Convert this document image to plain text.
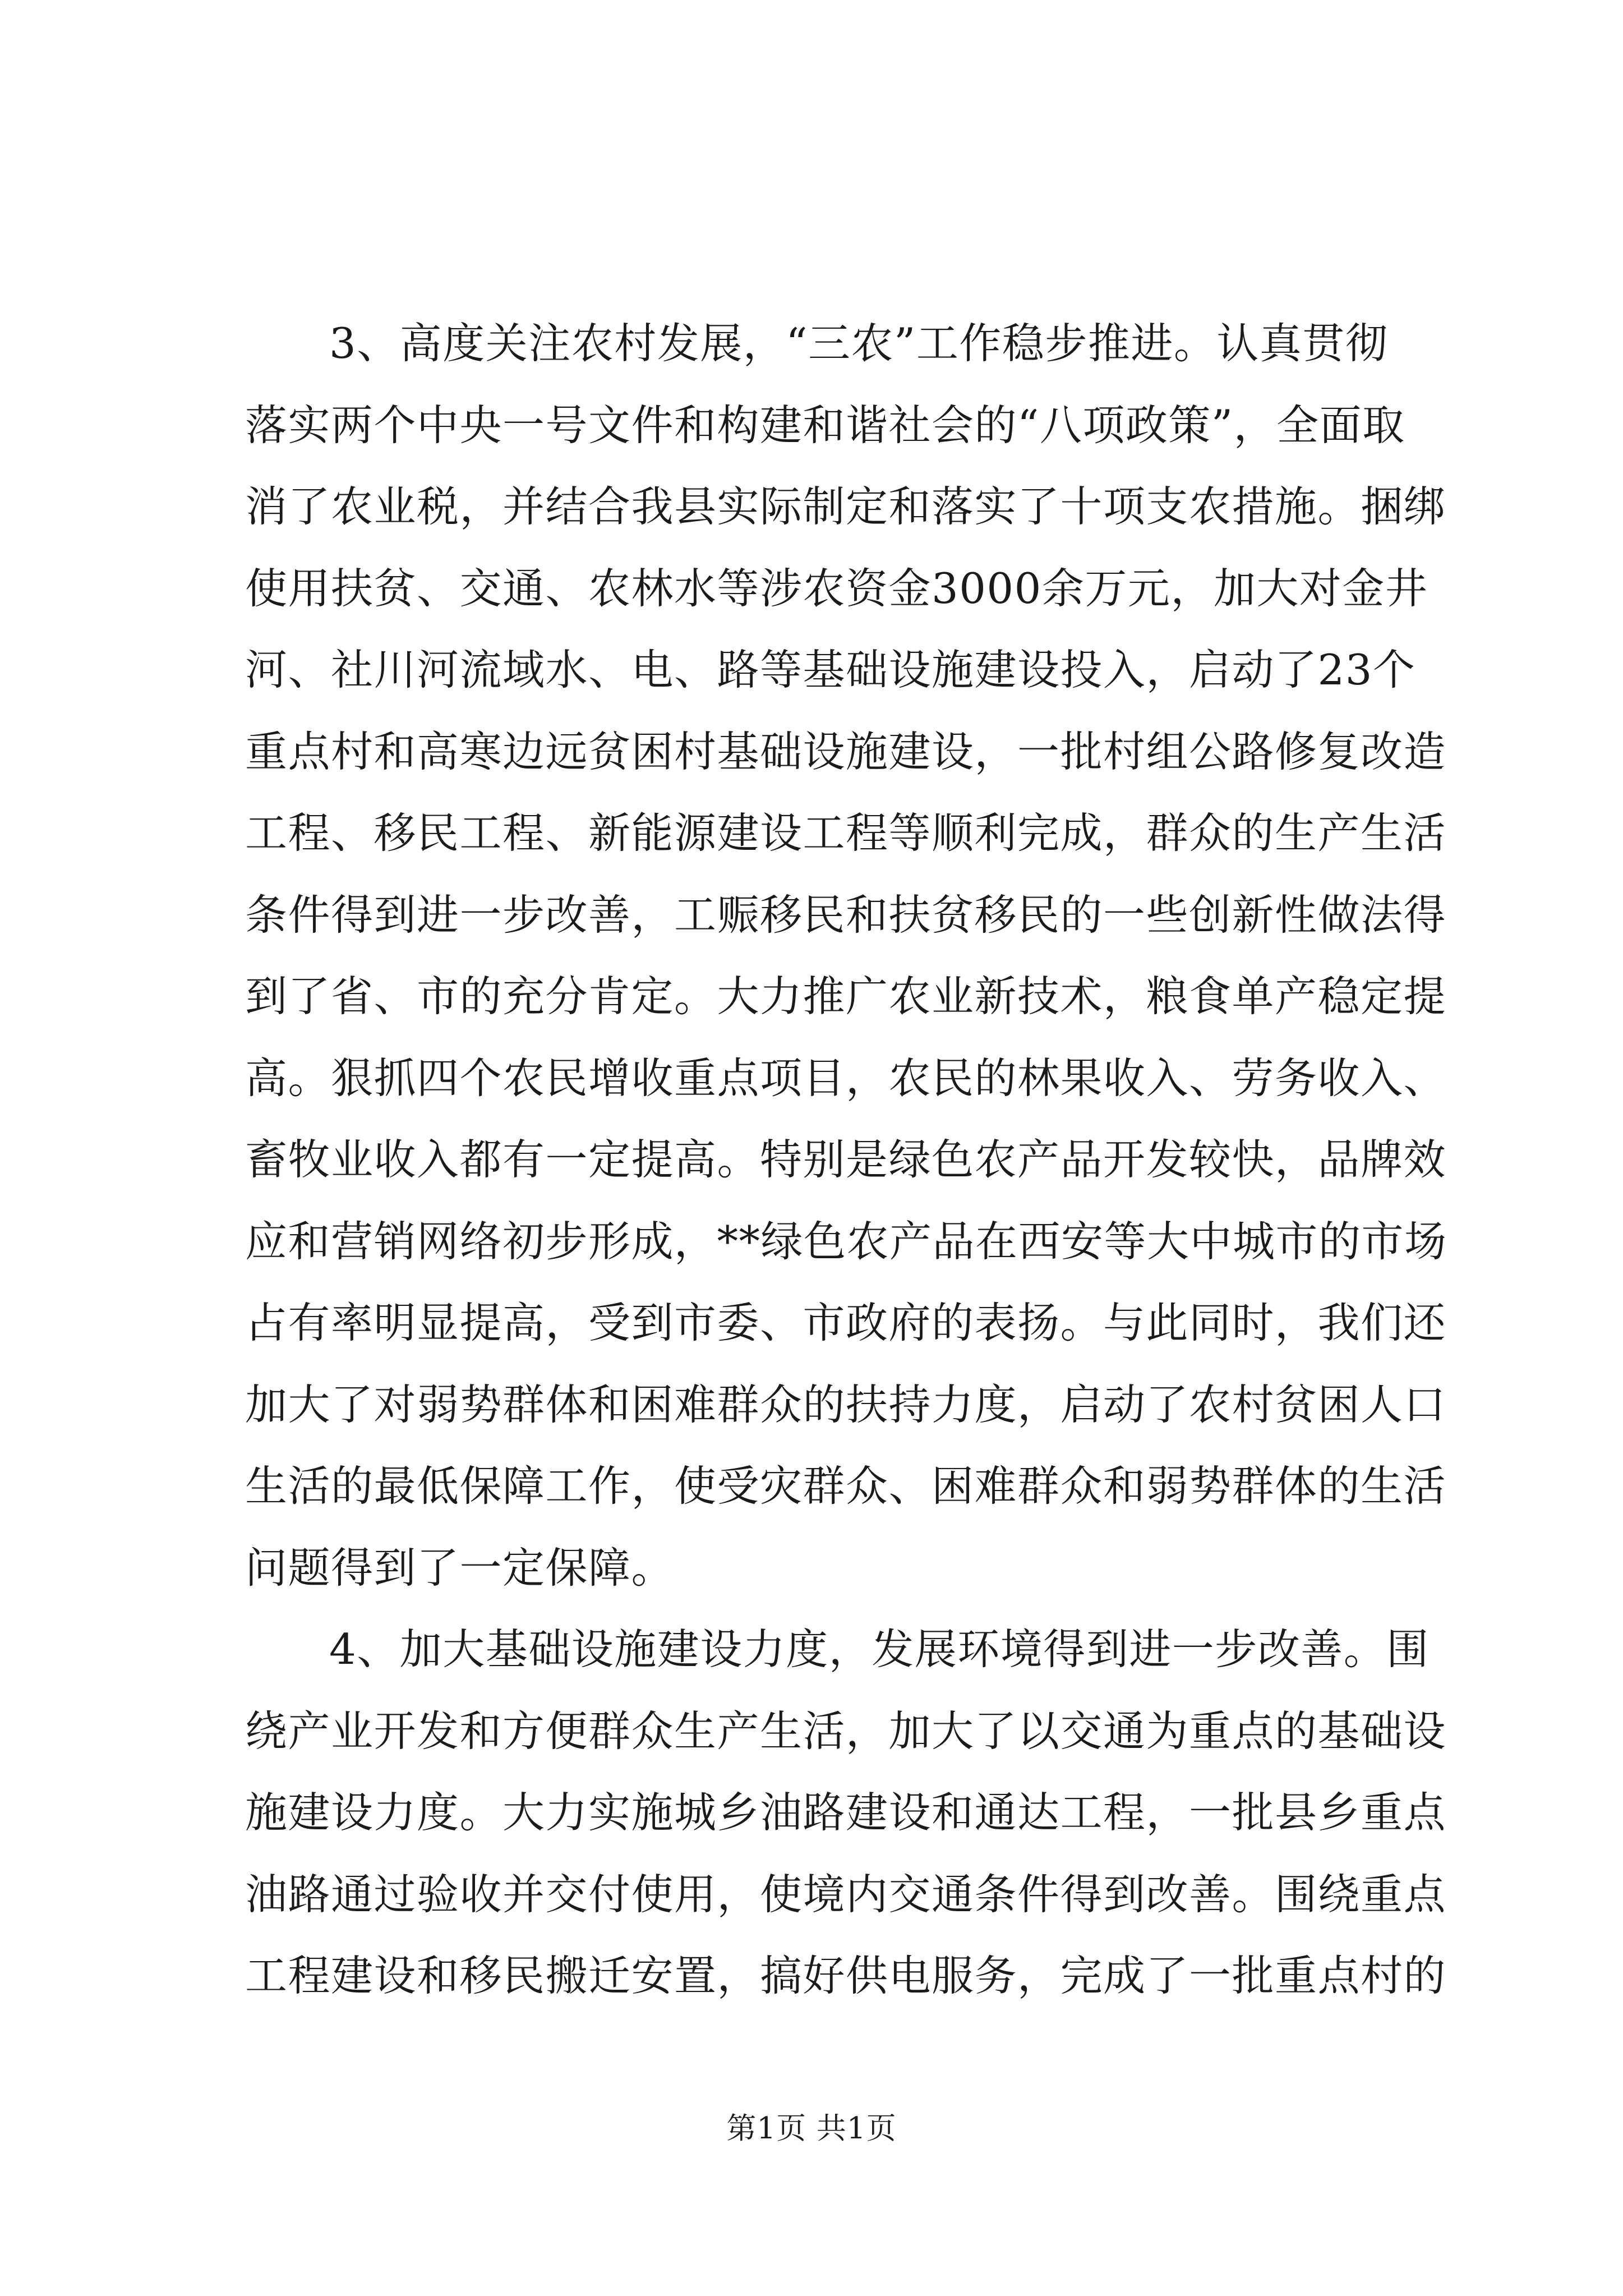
3、高度关注农村发展，“三农”工作稳步推进。认真贯彻
落实两个中央一号文件和构建和谐社会的“八项政策”，全面取
消了农业税，并结合我县实际制定和落实了十项支农措施。捆绑
使用扶贫、交通、农林水等涉农资金3000余万元，加大对金井
河、社川河流域水、电、路等基础设施建设投入，启动了23个
重点村和高寒边远贫困村基础设施建设，一批村组公路修复改造
工程、移民工程、新能源建设工程等顺利完成，群众的生产生活
条件得到进一步改善，工赈移民和扶贫移民的一些创新性做法得
到了省、市的充分肯定。大力推广农业新技术，粮食单产稳定提
高。狠抓四个农民增收重点项目，农民的林果收入、劳务收入、
畜牧业收入都有一定提高。特别是绿色农产品开发较快，品牌效
应和营销网络初步形成，**绿色农产品在西安等大中城市的市场
占有率明显提高，受到市委、市政府的表扬。与此同时，我们还
加大了对弱势群体和困难群众的扶持力度，启动了农村贫困人口
生活的最低保障工作，使受灾群众、困难群众和弱势群体的生活
问题得到了一定保障。
4、加大基础设施建设力度，发展环境得到进一步改善。围
绕产业开发和方便群众生产生活，加大了以交通为重点的基础设
施建设力度。大力实施城乡油路建设和通达工程，一批县乡重点
油路通过验收并交付使用，使境内交通条件得到改善。围绕重点
工程建设和移民搬迁安置，搞好供电服务，完成了一批重点村的
第1页 共1页
